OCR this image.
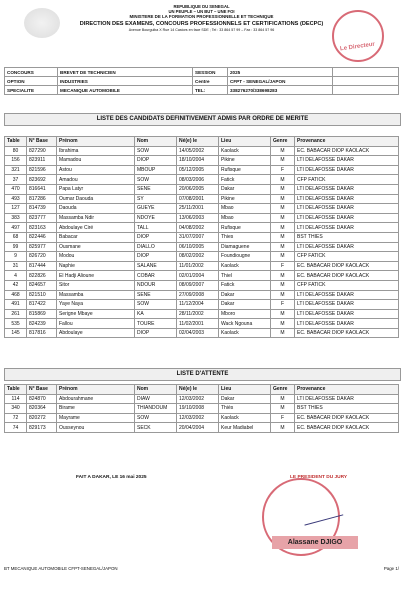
REPUBLIQUE DU SENEGAL
UN PEUPLE – UN BUT – UNE FOI
MINISTERE DE LA FORMATION PROFESSIONNELLE ET TECHNIQUE
DIRECTION DES EXAMENS, CONCOURS PROFESSIONNELS ET CERTIFICATIONS (DECPC)
Avenue Bourguiba X Rue 14 Castors en face SDE ; Tel : 33 864 57 99 – Fax : 33 864 57 96
Le Directeur
CONCOURS	BREVET DE TECHNICIEN	SESSION	2025	
OPTION	INDUSTRIES	Centre	CFPT - SENEGAL/JAPON	
SPECIALITE	MECANIQUE AUTOMOBILE	TEL:	338276270/338698283	
LISTE DES CANDIDATS DEFINITIVEMENT ADMIS PAR ORDRE DE MERITE
Table	N° Base	Prénom	Nom	Né(e) le	Lieu	Genre	Provenance
80	827290	Ibrahima	SOW	14/05/2002	Kaolack	M	EC. BABACAR DIOP KAOLACK
156	823911	Mamadou	DIOP	18/10/2004	Pikine	M	LTI DELAFOSSE DAKAR
321	821596	Astou	MBOUP	05/12/2005	Rufisque	F	LTI DELAFOSSE DAKAR
37	823692	Amadou	SOW	08/03/2006	Fatick	M	CFP FATICK
470	816641	Papa Latyr	SENE	20/06/2005	Dakar	M	LTI DELAFOSSE DAKAR
493	817286	Oumar Daouda	SY	07/08/2001	Pikine	M	LTI DELAFOSSE DAKAR
127	814739	Daouda	GUEYE	25/11/2001	Mbao	M	LTI DELAFOSSE DAKAR
383	823777	Massamba Ndir	NDOYE	13/06/2003	Mbao	M	LTI DELAFOSSE DAKAR
497	823163	Abdoulaye Ciré	TALL	04/08/2002	Rufisque	M	LTI DELAFOSSE DAKAR
68	822446	Babacar	DIOP	31/07/2007	Thies	M	BST THIES
99	825977	Ousmane	DIALLO	06/10/2005	Diamaguene	M	LTI DELAFOSSE DAKAR
9	826720	Modou	DIOP	08/02/2002	Foundiougne	M	CFP FATICK
31	817444	Naphie	SALANE	11/01/2002	Kaolack	F	EC. BABACAR DIOP KAOLACK
4	822826	El Hadji Alioune	COBAR	02/01/2004	Thiel	M	EC. BABACAR DIOP KAOLACK
42	824657	Sitor	NDOUR	08/09/2007	Fatick	M	CFP FATICK
468	821510	Massamba	SENE	27/09/2008	Dakar	M	LTI DELAFOSSE DAKAR
491	817422	Yaye Naya	SOW	11/12/2004	Dakar	F	LTI DELAFOSSE DAKAR
261	815869	Serigne Mbaye	KA	28/11/2002	Mboro	M	LTI DELAFOSSE DAKAR
535	824239	Fallou	TOURE	11/02/2001	Wack Ngouna	M	LTI DELAFOSSE DAKAR
145	817816	Abdoulaye	DIOP	02/04/2003	Kaolack	M	EC. BABACAR DIOP KAOLACK
LISTE D'ATTENTE
Table	N° Base	Prénom	Nom	Né(e) le	Lieu	Genre	Provenance
114	824870	Abdourahmane	DIAW	12/03/2002	Dakar	M	LTI DELAFOSSE DAKAR
340	820364	Birame	THIANDOUM	19/10/2008	Thiès	M	BST THIES
72	820272	Mayrame	SOW	12/03/2002	Kaolack	F	EC. BABACAR DIOP KAOLACK
74	829173	Ousseynou	SECK	20/04/2004	Keur Madiabel	M	EC. BABACAR DIOP KAOLACK
FAIT A DAKAR, LE 16 mai 2025	LE PRESIDENT DU JURY
Alassane DJIGO
BT MECANIQUE AUTOMOBILE CFPT-SENEGAL/JAPON	Page 1/
